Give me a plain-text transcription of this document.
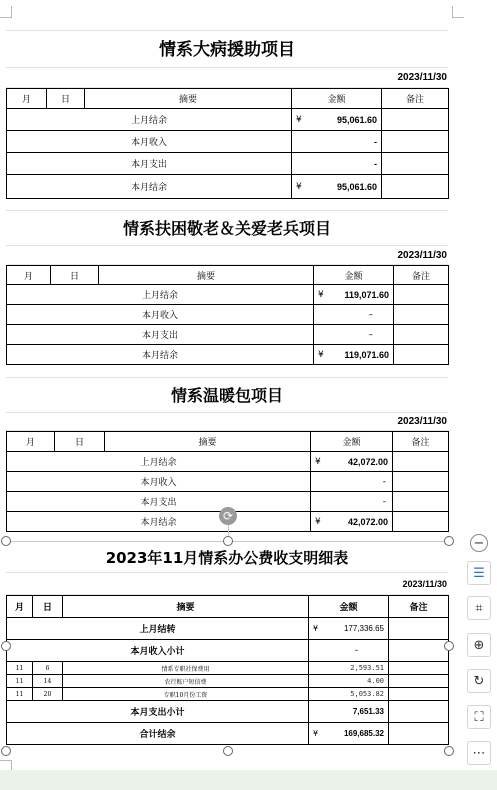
情系大病援助项目
2023/11/30
月	日	摘要	金额	备注
上月结余			¥ 95,061.60	
本月收入			-	
本月支出			-	
本月结余			¥ 95,061.60	
情系扶困敬老＆关爱老兵项目
2023/11/30
月	日	摘要	金额	备注
上月结余			¥ 119,071.60	
本月收入			–	
本月支出			–	
本月结余			¥ 119,071.60	
情系温暖包项目
2023/11/30
月	日	摘要	金额	备注
上月结余			¥ 42,072.00	
本月收入			-	
本月支出			-	
本月结余			¥ 42,072.00	
2023年11月情系办公费收支明细表
2023/11/30
月	日	摘要	金额	备注
上月结转			¥ 177,336.65	
本月收入小计			-	
11	6	情系专职社保费用	2,593.51	
11	14	农行账户短信费	4.00	
11	20	专职10月份工资	5,053.82	
本月支出小计			7,651.33	
合计结余			¥ 169,685.32	
⟳
−
☰
⌗
⊕
↻
⛶
⋯
